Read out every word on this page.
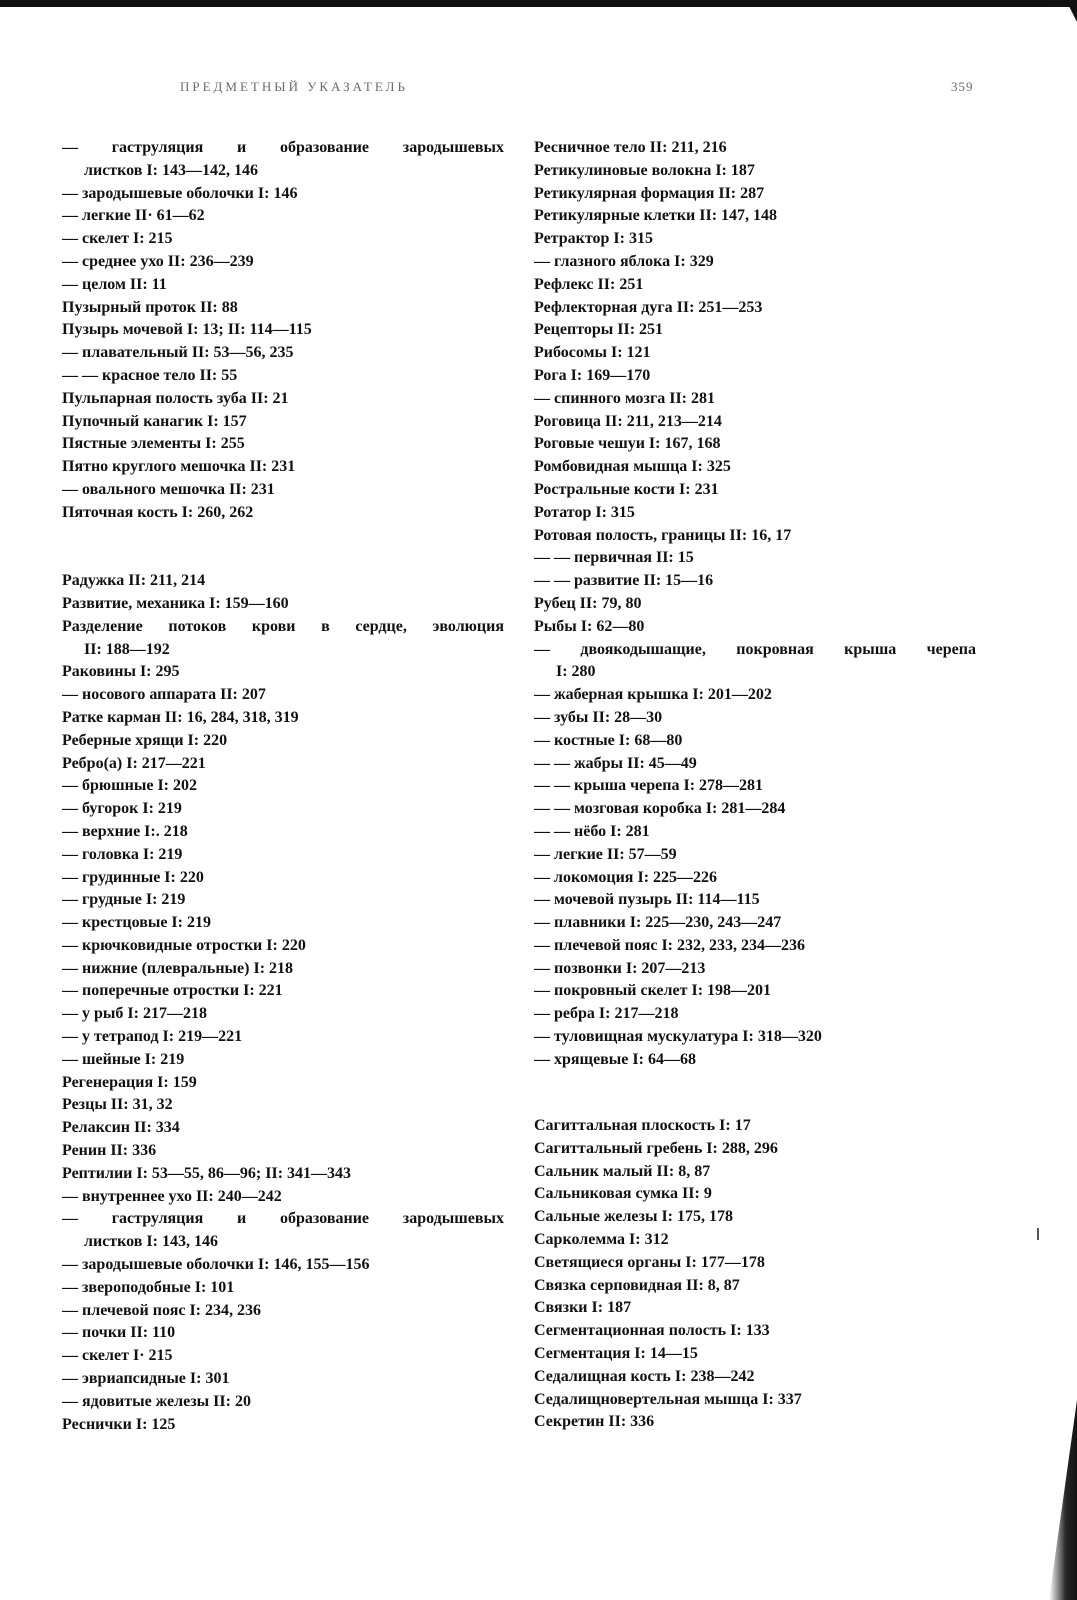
ПРЕДМЕТНЫЙ УКАЗАТЕЛЬ	359
— гаструляция и образование зародышевых
листков I: 143—142, 146
— зародышевые оболочки I: 146
— легкие II· 61—62
— скелет I: 215
— среднее ухо II: 236—239
— целом II: 11
Пузырный проток II: 88
Пузырь мочевой I: 13; II: 114—115
— плавательный II: 53—56, 235
— — красное тело II: 55
Пульпарная полость зуба II: 21
Пупочный канагик I: 157
Пястные элементы I: 255
Пятно круглого мешочка II: 231
— овального мешочка II: 231
Пяточная кость I: 260, 262
Радужка II: 211, 214
Развитие, механика I: 159—160
Разделение потоков крови в сердце, эволюция
II: 188—192
Раковины I: 295
— носового аппарата II: 207
Ратке карман II: 16, 284, 318, 319
Реберные хрящи I: 220
Ребро(а) I: 217—221
— брюшные I: 202
— бугорок I: 219
— верхние I:. 218
— головка I: 219
— грудинные I: 220
— грудные I: 219
— крестцовые I: 219
— крючковидные отростки I: 220
— нижние (плевральные) I: 218
— поперечные отростки I: 221
— у рыб I: 217—218
— у тетрапод I: 219—221
— шейные I: 219
Регенерация I: 159
Резцы II: 31, 32
Релаксин II: 334
Ренин II: 336
Рептилии I: 53—55, 86—96; II: 341—343
— внутреннее ухо II: 240—242
— гаструляция и образование зародышевых
листков I: 143, 146
— зародышевые оболочки I: 146, 155—156
— звероподобные I: 101
— плечевой пояс I: 234, 236
— почки II: 110
— скелет I· 215
— эвриапсидные I: 301
— ядовитые железы II: 20
Реснички I: 125
Ресничное тело II: 211, 216
Ретикулиновые волокна I: 187
Ретикулярная формация II: 287
Ретикулярные клетки II: 147, 148
Ретрактор I: 315
— глазного яблока I: 329
Рефлекс II: 251
Рефлекторная дуга II: 251—253
Рецепторы II: 251
Рибосомы I: 121
Рога I: 169—170
— спинного мозга II: 281
Роговица II: 211, 213—214
Роговые чешуи I: 167, 168
Ромбовидная мышца I: 325
Ростральные кости I: 231
Ротатор I: 315
Ротовая полость, границы II: 16, 17
— — первичная II: 15
— — развитие II: 15—16
Рубец II: 79, 80
Рыбы I: 62—80
— двоякодышащие, покровная крыша черепа
I: 280
— жаберная крышка I: 201—202
— зубы II: 28—30
— костные I: 68—80
— — жабры II: 45—49
— — крыша черепа I: 278—281
— — мозговая коробка I: 281—284
— — нёбо I: 281
— легкие II: 57—59
— локомоция I: 225—226
— мочевой пузырь II: 114—115
— плавники I: 225—230, 243—247
— плечевой пояс I: 232, 233, 234—236
— позвонки I: 207—213
— покровный скелет I: 198—201
— ребра I: 217—218
— туловищная мускулатура I: 318—320
— хрящевые I: 64—68
Сагиттальная плоскость I: 17
Сагиттальный гребень I: 288, 296
Сальник малый II: 8, 87
Сальниковая сумка II: 9
Сальные железы I: 175, 178
Сарколемма I: 312
Светящиеся органы I: 177—178
Связка серповидная II: 8, 87
Связки I: 187
Сегментационная полость I: 133
Сегментация I: 14—15
Седалищная кость I: 238—242
Седалищновертельная мышца I: 337
Секретин II: 336
